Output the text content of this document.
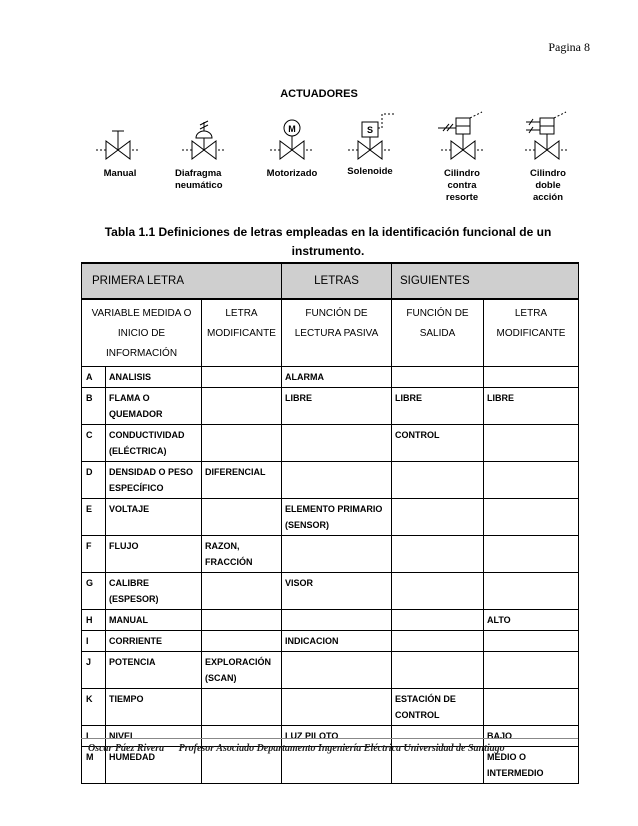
Pagina 8
ACTUADORES
M	S
Manual	Diafragma neumático
Motorizado	Solenoide	Cilindro contra resorte
Cilindro doble acción
Tabla 1.1 Definiciones de letras empleadas en la identificación funcional de un instrumento.
PRIMERA LETRA			LETRAS	SIGUIENTES	
VARIABLE MEDIDA O INICIO DE INFORMACIÓN		LETRA MODIFICANTE	FUNCIÓN DE LECTURA PASIVA	FUNCIÓN DE SALIDA	LETRA MODIFICANTE
A	ANALISIS		ALARMA		
B	FLAMA O QUEMADOR		LIBRE	LIBRE	LIBRE
C	CONDUCTIVIDAD (ELÉCTRICA)			CONTROL	
D	DENSIDAD O PESO ESPECÍFICO	DIFERENCIAL			
E	VOLTAJE		ELEMENTO PRIMARIO (SENSOR)		
F	FLUJO	RAZON, FRACCIÓN			
G	CALIBRE (ESPESOR)		VISOR		
H	MANUAL				ALTO
I	CORRIENTE		INDICACION		
J	POTENCIA	EXPLORACIÓN (SCAN)			
K	TIEMPO			ESTACIÓN DE CONTROL	
L	NIVEL		LUZ PILOTO		BAJO
M	HUMEDAD				MEDIO O INTERMEDIO
Oscar Páez Rivera Profesor Asociado Departamento Ingeniería Eléctrica Universidad de Santiago
